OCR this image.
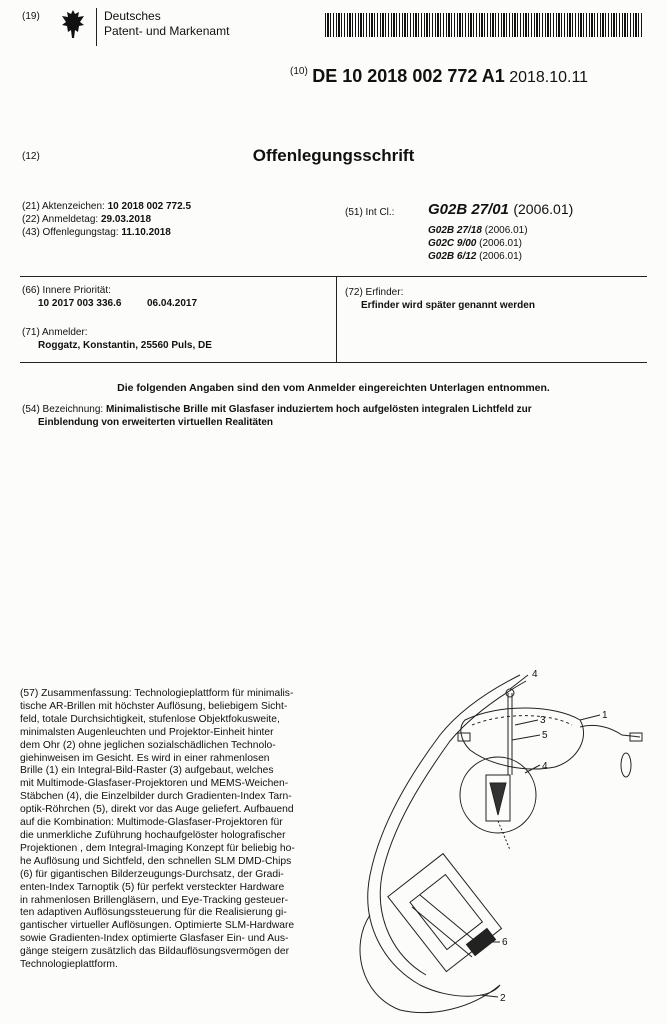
(19)	Deutsches
Patent- und Markenamt
$^{(10)}$ DE 10 2018 002 772 A1 2018.10.11
(12)	Offenlegungsschrift
(21) Aktenzeichen: 10 2018 002 772.5
(22) Anmeldetag: 29.03.2018
(43) Offenlegungstag: 11.10.2018
(51) Int Cl.: G02B 27/01 (2006.01)
G02B 27/18 (2006.01)
G02C 9/00 (2006.01)
G02B 6/12 (2006.01)
(66) Innere Priorität:
10 2017 003 336.6	06.04.2017
(72) Erfinder:
Erfinder wird später genannt werden
(71) Anmelder:
Roggatz, Konstantin, 25560 Puls, DE
Die folgenden Angaben sind den vom Anmelder eingereichten Unterlagen entnommen.
(54) Bezeichnung: Minimalistische Brille mit Glasfaser induziertem hoch aufgelösten integralen Lichtfeld zur
Einblendung von erweiterten virtuellen Realitäten
(57) Zusammenfassung: Technologieplattform für minimalis-
tische AR-Brillen mit höchster Auflösung, beliebigem Sicht-
feld, totale Durchsichtigkeit, stufenlose Objektfokusweite,
minimalsten Augenleuchten und Projektor-Einheit hinter
dem Ohr (2) ohne jeglichen sozialschädlichen Technolo-
giehinweisen im Gesicht. Es wird in einer rahmenlosen
Brille (1) ein Integral-Bild-Raster (3) aufgebaut, welches
mit Multimode-Glasfaser-Projektoren und MEMS-Weichen-
Stäbchen (4), die Einzelbilder durch Gradienten-Index Tarn-
optik-Röhrchen (5), direkt vor das Auge geliefert. Aufbauend
auf die Kombination: Multimode-Glasfaser-Projektoren für
die unmerkliche Zuführung hochaufgelöster holografischer
Projektionen , dem Integral-Imaging Konzept für beliebig ho-
he Auflösung und Sichtfeld, den schnellen SLM DMD-Chips
(6) für gigantischen Bilderzeugungs-Durchsatz, der Gradi-
enten-Index Tarnoptik (5) für perfekt versteckter Hardware
in rahmenlosen Brillengläsern, und Eye-Tracking gesteuer-
ten adaptiven Auflösungssteuerung für die Realisierung gi-
gantischer virtueller Auflösungen. Optimierte SLM-Hardware
sowie Gradienten-Index optimierte Glasfaser Ein- und Aus-
gänge steigern zusätzlich das Bildauflösungsvermögen der
Technologieplattform.
4
3	1
5
4
6
2
